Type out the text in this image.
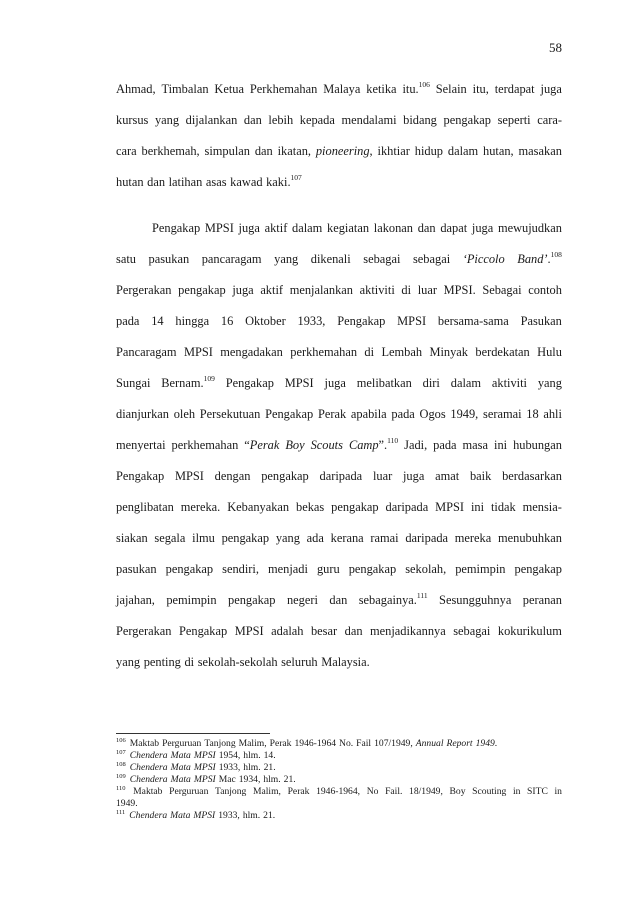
58
Ahmad, Timbalan Ketua Perkhemahan Malaya ketika itu.$^{106}$ Selain itu, terdapat juga
kursus yang dijalankan dan lebih kepada mendalami bidang pengakap seperti cara-
cara berkhemah, simpulan dan ikatan, pioneering, ikhtiar hidup dalam hutan, masakan
hutan dan latihan asas kawad kaki.$^{107}$
Pengakap MPSI juga aktif dalam kegiatan lakonan dan dapat juga mewujudkan
satu pasukan pancaragam yang dikenali sebagai sebagai ‘Piccolo Band’.$^{108}$
Pergerakan pengakap juga aktif menjalankan aktiviti di luar MPSI. Sebagai contoh
pada 14 hingga 16 Oktober 1933, Pengakap MPSI bersama-sama Pasukan
Pancaragam MPSI mengadakan perkhemahan di Lembah Minyak berdekatan Hulu
Sungai Bernam.$^{109}$ Pengakap MPSI juga melibatkan diri dalam aktiviti yang
dianjurkan oleh Persekutuan Pengakap Perak apabila pada Ogos 1949, seramai 18 ahli
menyertai perkhemahan “Perak Boy Scouts Camp”.$^{110}$ Jadi, pada masa ini hubungan
Pengakap MPSI dengan pengakap daripada luar juga amat baik berdasarkan
penglibatan mereka. Kebanyakan bekas pengakap daripada MPSI ini tidak mensia-
siakan segala ilmu pengakap yang ada kerana ramai daripada mereka menubuhkan
pasukan pengakap sendiri, menjadi guru pengakap sekolah, pemimpin pengakap
jajahan, pemimpin pengakap negeri dan sebagainya.$^{111}$ Sesungguhnya peranan
Pergerakan Pengakap MPSI adalah besar dan menjadikannya sebagai kokurikulum
yang penting di sekolah-sekolah seluruh Malaysia.
$^{106}$ Maktab Perguruan Tanjong Malim, Perak 1946-1964 No. Fail 107/1949, Annual Report 1949.
$^{107}$ Chendera Mata MPSI 1954, hlm. 14.
$^{108}$ Chendera Mata MPSI 1933, hlm. 21.
$^{109}$ Chendera Mata MPSI Mac 1934, hlm. 21.
$^{110}$ Maktab Perguruan Tanjong Malim, Perak 1946-1964, No Fail. 18/1949, Boy Scouting in SITC in
1949.
$^{111}$ Chendera Mata MPSI 1933, hlm. 21.
